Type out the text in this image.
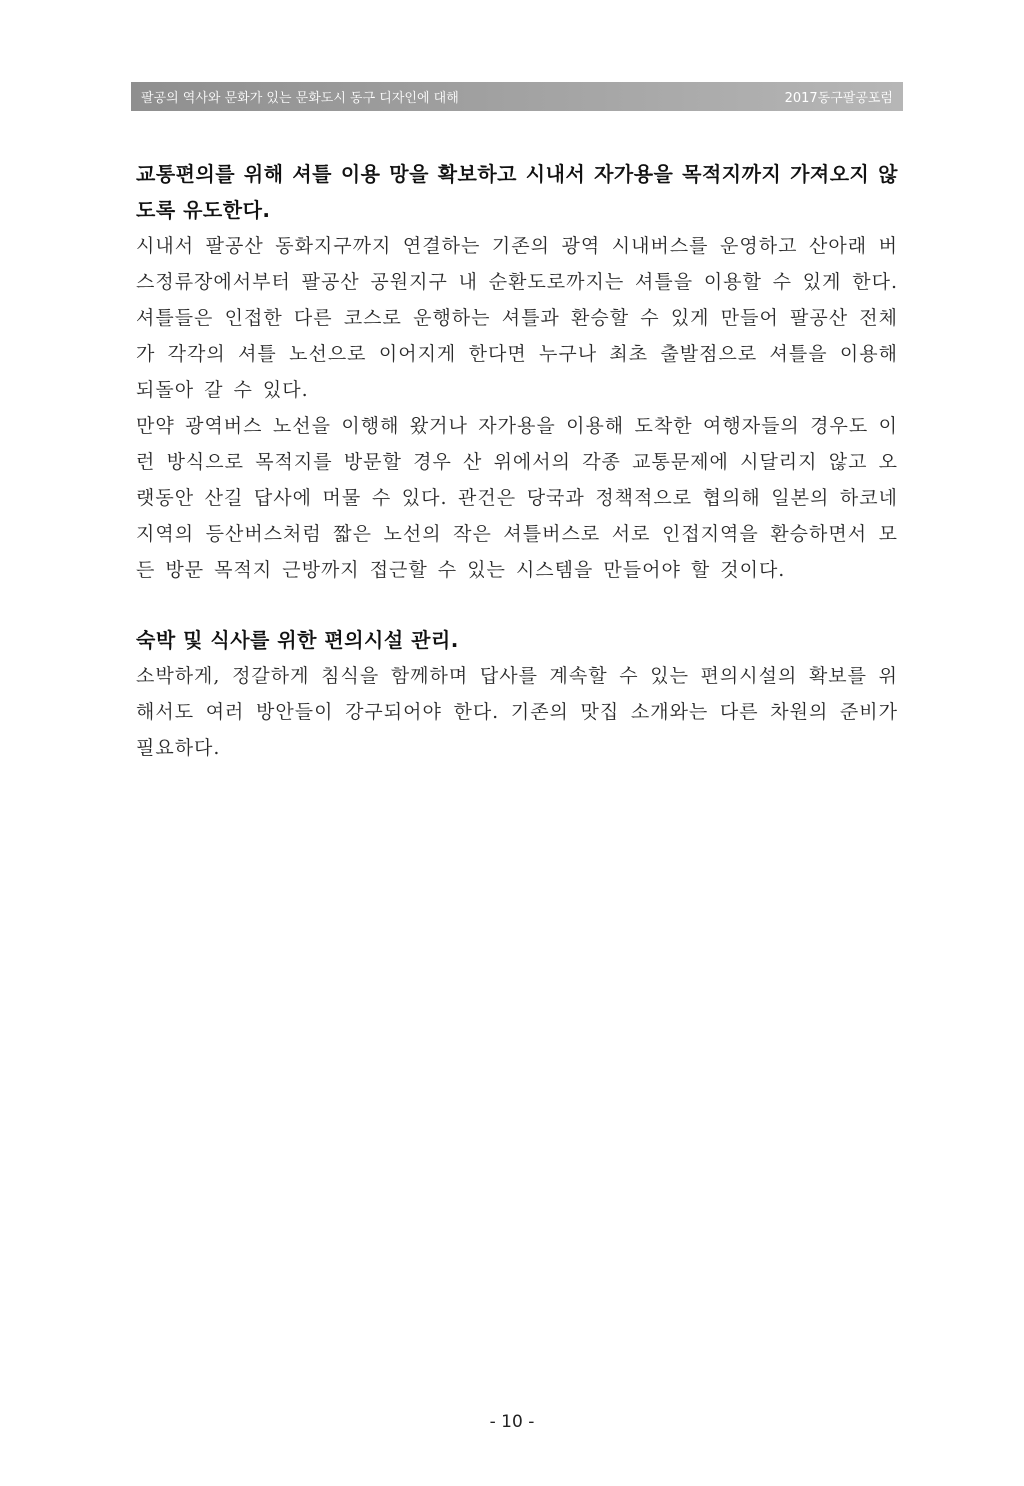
팔공의 역사와 문화가 있는 문화도시 동구 디자인에 대해	2017동구팔공포럼

교통편의를 위해 셔틀 이용 망을 확보하고 시내서 자가용을 목적지까지 가져오지 않도록 유도한다.

시내서 팔공산 동화지구까지 연결하는 기존의 광역 시내버스를 운영하고 산아래 버스정류장에서부터 팔공산 공원지구 내 순환도로까지는 셔틀을 이용할 수 있게 한다. 셔틀들은 인접한 다른 코스로 운행하는 셔틀과 환승할 수 있게 만들어 팔공산 전체가 각각의 셔틀 노선으로 이어지게 한다면 누구나 최초 출발점으로 셔틀을 이용해 되돌아 갈 수 있다.

만약 광역버스 노선을 이행해 왔거나 자가용을 이용해 도착한 여행자들의 경우도 이런 방식으로 목적지를 방문할 경우 산 위에서의 각종 교통문제에 시달리지 않고 오랫동안 산길 답사에 머물 수 있다. 관건은 당국과 정책적으로 협의해 일본의 하코네 지역의 등산버스처럼 짧은 노선의 작은 셔틀버스로 서로 인접지역을 환승하면서 모든 방문 목적지 근방까지 접근할 수 있는 시스템을 만들어야 할 것이다.

숙박 및 식사를 위한 편의시설 관리.

소박하게, 정갈하게 침식을 함께하며 답사를 계속할 수 있는 편의시설의 확보를 위해서도 여러 방안들이 강구되어야 한다. 기존의 맛집 소개와는 다른 차원의 준비가 필요하다.

- 10 -
